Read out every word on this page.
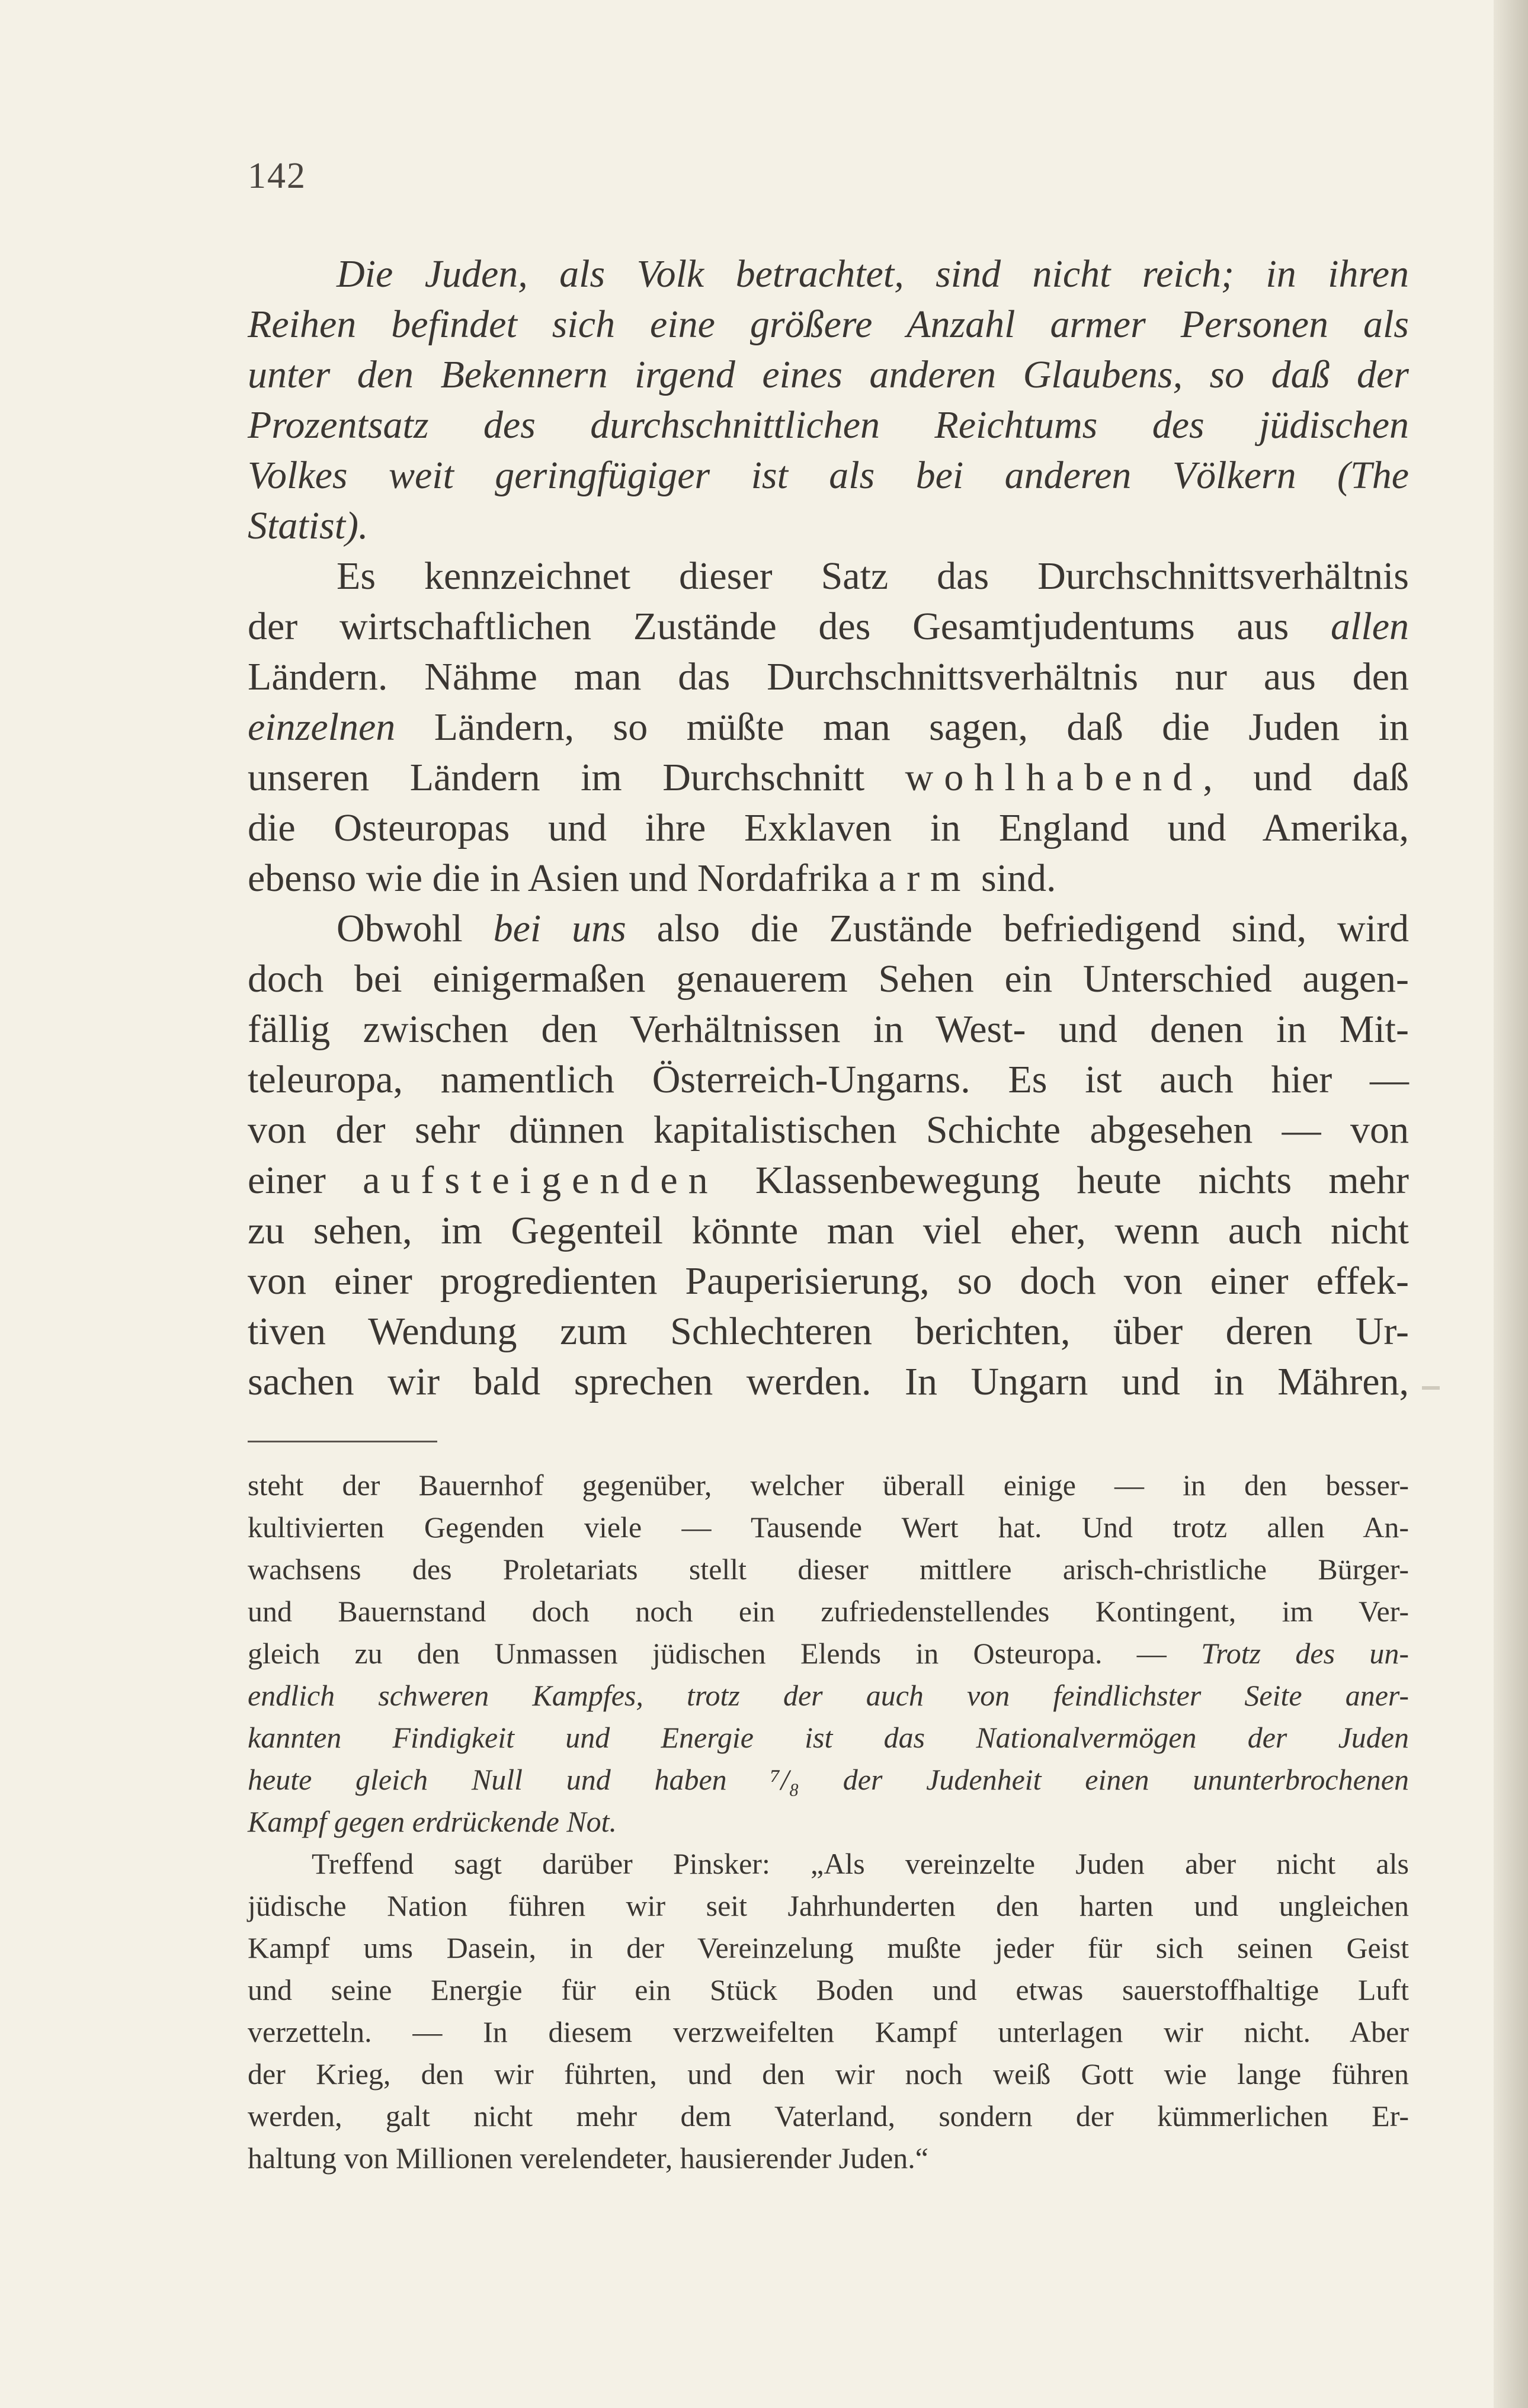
142
Die Juden, als Volk betrachtet, sind nicht reich; in ihren
Reihen befindet sich eine größere Anzahl armer Personen als
unter den Bekennern irgend eines anderen Glaubens, so daß der
Prozentsatz des durchschnittlichen Reichtums des jüdischen
Volkes weit geringfügiger ist als bei anderen Völkern (The
Statist).
Es kennzeichnet dieser Satz das Durchschnittsverhältnis
der wirtschaftlichen Zustände des Gesamtjudentums aus allen
Ländern. Nähme man das Durchschnittsverhältnis nur aus den
einzelnen Ländern, so müßte man sagen, daß die Juden in
unseren Ländern im Durchschnitt wohlhabend, und daß
die Osteuropas und ihre Exklaven in England und Amerika,
ebenso wie die in Asien und Nordafrika arm sind.
Obwohl bei uns also die Zustände befriedigend sind, wird
doch bei einigermaßen genauerem Sehen ein Unterschied augen-
fällig zwischen den Verhältnissen in West- und denen in Mit-
teleuropa, namentlich Österreich-Ungarns. Es ist auch hier —
von der sehr dünnen kapitalistischen Schichte abgesehen — von
einer aufsteigenden Klassenbewegung heute nichts mehr
zu sehen, im Gegenteil könnte man viel eher, wenn auch nicht
von einer progredienten Pauperisierung, so doch von einer effek-
tiven Wendung zum Schlechteren berichten, über deren Ur-
sachen wir bald sprechen werden. In Ungarn und in Mähren,
steht der Bauernhof gegenüber, welcher überall einige — in den besser-
kultivierten Gegenden viele — Tausende Wert hat. Und trotz allen An-
wachsens des Proletariats stellt dieser mittlere arisch-christliche Bürger-
und Bauernstand doch noch ein zufriedenstellendes Kontingent, im Ver-
gleich zu den Unmassen jüdischen Elends in Osteuropa. — Trotz des un-
endlich schweren Kampfes, trotz der auch von feindlichster Seite aner-
kannten Findigkeit und Energie ist das Nationalvermögen der Juden
heute gleich Null und haben ⁷/₈ der Judenheit einen ununterbrochenen
Kampf gegen erdrückende Not.
Treffend sagt darüber Pinsker: „Als vereinzelte Juden aber nicht als
jüdische Nation führen wir seit Jahrhunderten den harten und ungleichen
Kampf ums Dasein, in der Vereinzelung mußte jeder für sich seinen Geist
und seine Energie für ein Stück Boden und etwas sauerstoffhaltige Luft
verzetteln. — In diesem verzweifelten Kampf unterlagen wir nicht. Aber
der Krieg, den wir führten, und den wir noch weiß Gott wie lange führen
werden, galt nicht mehr dem Vaterland, sondern der kümmerlichen Er-
haltung von Millionen verelendeter, hausierender Juden.“
